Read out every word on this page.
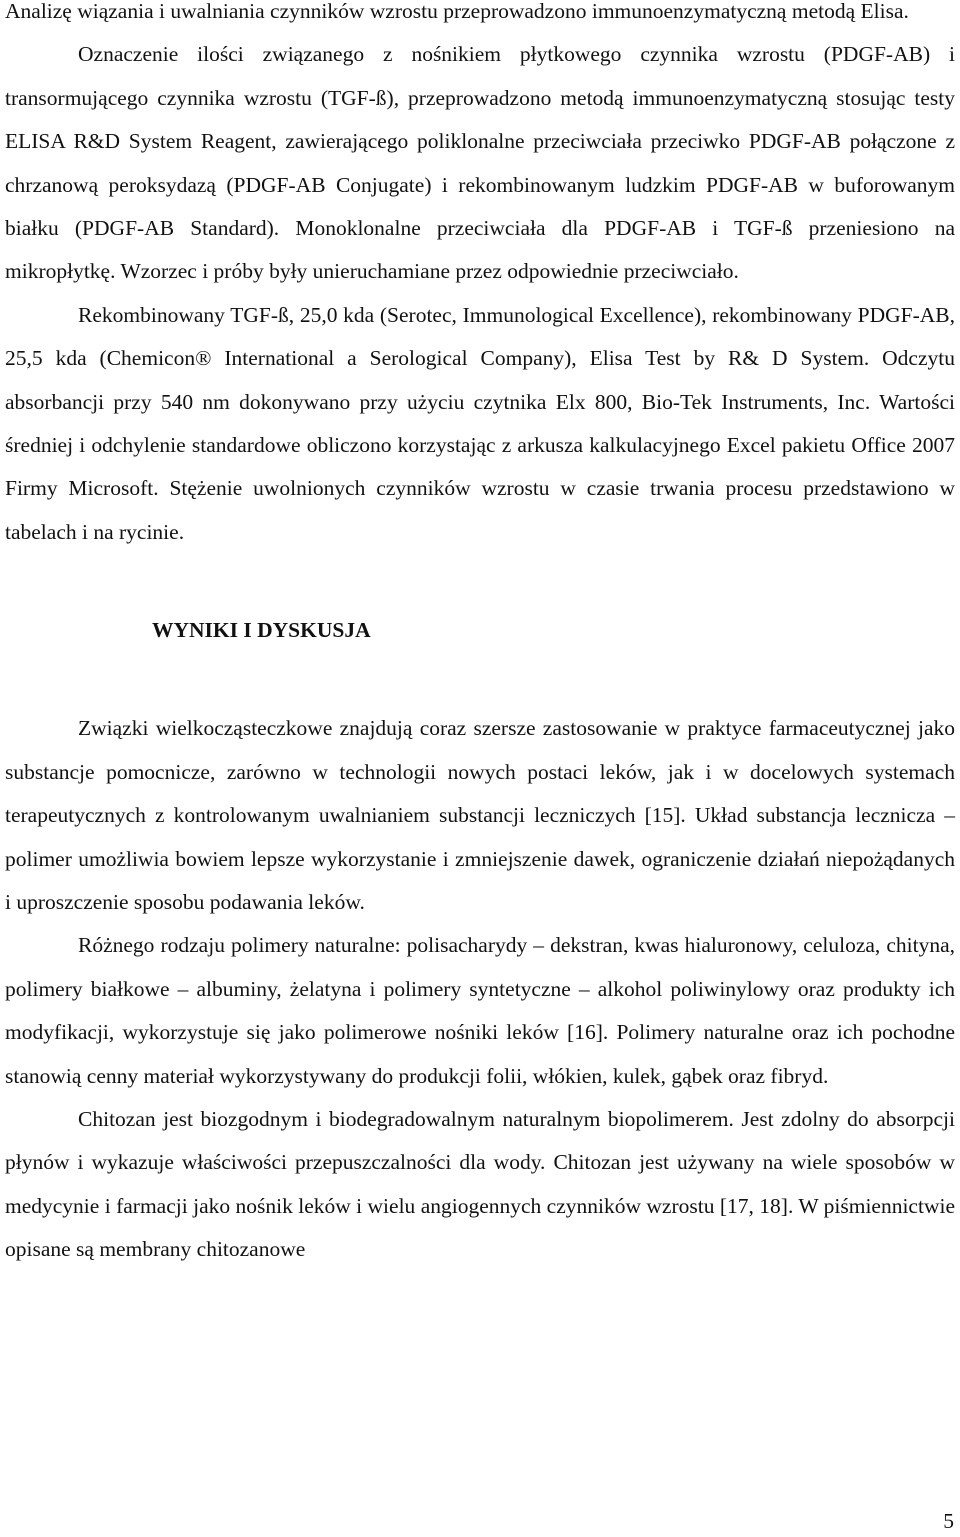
Analizę wiązania i uwalniania czynników wzrostu przeprowadzono immunoenzymatyczną metodą Elisa.

Oznaczenie ilości związanego z nośnikiem płytkowego czynnika wzrostu (PDGF-AB) i transormującego czynnika wzrostu (TGF-ß), przeprowadzono metodą immunoenzymatyczną stosując testy ELISA R&D System Reagent, zawierającego poliklonalne przeciwciała przeciwko PDGF-AB połączone z chrzanową peroksydazą (PDGF-AB Conjugate) i rekombinowanym ludzkim PDGF-AB w buforowanym białku (PDGF-AB Standard). Monoklonalne przeciwciała dla PDGF-AB i TGF-ß przeniesiono na mikropłytkę. Wzorzec i próby były unieruchamiane przez odpowiednie przeciwciało.

Rekombinowany TGF-ß, 25,0 kda (Serotec, Immunological Excellence), rekombinowany PDGF-AB, 25,5 kda (Chemicon® International a Serological Company), Elisa Test by R& D System. Odczytu absorbancji przy 540 nm dokonywano przy użyciu czytnika Elx 800, Bio-Tek Instruments, Inc. Wartości średniej i odchylenie standardowe obliczono korzystając z arkusza kalkulacyjnego Excel pakietu Office 2007 Firmy Microsoft. Stężenie uwolnionych czynników wzrostu w czasie trwania procesu przedstawiono w tabelach i na rycinie.

WYNIKI I DYSKUSJA

Związki wielkocząsteczkowe znajdują coraz szersze zastosowanie w praktyce farmaceutycznej jako substancje pomocnicze, zarówno w technologii nowych postaci leków, jak i w docelowych systemach terapeutycznych z kontrolowanym uwalnianiem substancji leczniczych [15]. Układ substancja lecznicza – polimer umożliwia bowiem lepsze wykorzystanie i zmniejszenie dawek, ograniczenie działań niepożądanych i uproszczenie sposobu podawania leków.

Różnego rodzaju polimery naturalne: polisacharydy – dekstran, kwas hialuronowy, celuloza, chityna, polimery białkowe – albuminy, żelatyna i polimery syntetyczne – alkohol poliwinylowy oraz produkty ich modyfikacji, wykorzystuje się jako polimerowe nośniki leków [16]. Polimery naturalne oraz ich pochodne stanowią cenny materiał wykorzystywany do produkcji folii, włókien, kulek, gąbek oraz fibryd.

Chitozan jest biozgodnym i biodegradowalnym naturalnym biopolimerem. Jest zdolny do absorpcji płynów i wykazuje właściwości przepuszczalności dla wody. Chitozan jest używany na wiele sposobów w medycynie i farmacji jako nośnik leków i wielu angiogennych czynników wzrostu [17, 18]. W piśmiennictwie opisane są membrany chitozanowe

5
